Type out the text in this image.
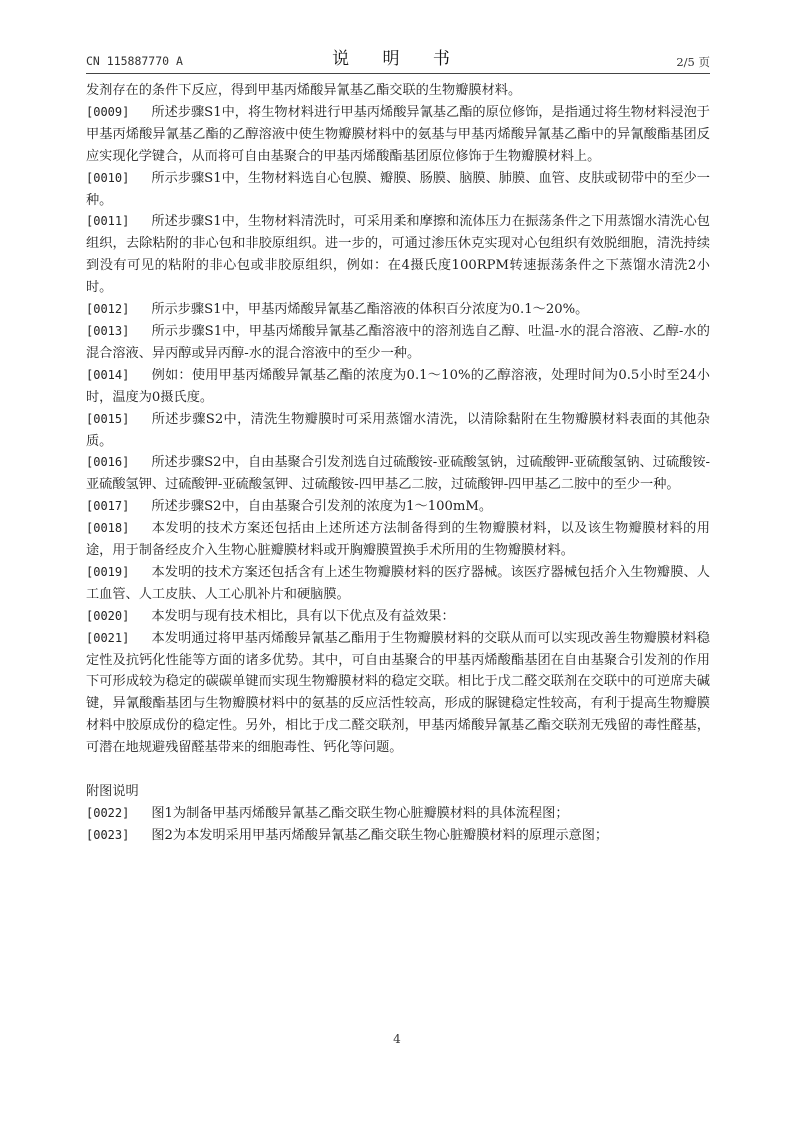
CN 115887770 A	说 明 书	2/5 页

发剂存在的条件下反应，得到甲基丙烯酸异氰基乙酯交联的生物瓣膜材料。

[0009] 所述步骤S1中，将生物材料进行甲基丙烯酸异氰基乙酯的原位修饰，是指通过将生物材料浸泡于甲基丙烯酸异氰基乙酯的乙醇溶液中使生物瓣膜材料中的氨基与甲基丙烯酸异氰基乙酯中的异氰酸酯基团反应实现化学键合，从而将可自由基聚合的甲基丙烯酸酯基团原位修饰于生物瓣膜材料上。

[0010] 所示步骤S1中，生物材料选自心包膜、瓣膜、肠膜、脑膜、肺膜、血管、皮肤或韧带中的至少一种。

[0011] 所述步骤S1中，生物材料清洗时，可采用柔和摩擦和流体压力在振荡条件之下用蒸馏水清洗心包组织，去除粘附的非心包和非胶原组织。进一步的，可通过渗压休克实现对心包组织有效脱细胞，清洗持续到没有可见的粘附的非心包或非胶原组织，例如：在4摄氏度100RPM转速振荡条件之下蒸馏水清洗2小时。

[0012] 所示步骤S1中，甲基丙烯酸异氰基乙酯溶液的体积百分浓度为0.1～20%。

[0013] 所示步骤S1中，甲基丙烯酸异氰基乙酯溶液中的溶剂选自乙醇、吐温-水的混合溶液、乙醇-水的混合溶液、异丙醇或异丙醇-水的混合溶液中的至少一种。

[0014] 例如：使用甲基丙烯酸异氰基乙酯的浓度为0.1～10%的乙醇溶液，处理时间为0.5小时至24小时，温度为0摄氏度。

[0015] 所述步骤S2中，清洗生物瓣膜时可采用蒸馏水清洗，以清除黏附在生物瓣膜材料表面的其他杂质。

[0016] 所述步骤S2中，自由基聚合引发剂选自过硫酸铵-亚硫酸氢钠，过硫酸钾-亚硫酸氢钠、过硫酸铵-亚硫酸氢钾、过硫酸钾-亚硫酸氢钾、过硫酸铵-四甲基乙二胺，过硫酸钾-四甲基乙二胺中的至少一种。

[0017] 所述步骤S2中，自由基聚合引发剂的浓度为1～100mM。

[0018] 本发明的技术方案还包括由上述所述方法制备得到的生物瓣膜材料，以及该生物瓣膜材料的用途，用于制备经皮介入生物心脏瓣膜材料或开胸瓣膜置换手术所用的生物瓣膜材料。

[0019] 本发明的技术方案还包括含有上述生物瓣膜材料的医疗器械。该医疗器械包括介入生物瓣膜、人工血管、人工皮肤、人工心肌补片和硬脑膜。

[0020] 本发明与现有技术相比，具有以下优点及有益效果：

[0021] 本发明通过将甲基丙烯酸异氰基乙酯用于生物瓣膜材料的交联从而可以实现改善生物瓣膜材料稳定性及抗钙化性能等方面的诸多优势。其中，可自由基聚合的甲基丙烯酸酯基团在自由基聚合引发剂的作用下可形成较为稳定的碳碳单键而实现生物瓣膜材料的稳定交联。相比于戊二醛交联剂在交联中的可逆席夫碱键，异氰酸酯基团与生物瓣膜材料中的氨基的反应活性较高，形成的脲键稳定性较高，有利于提高生物瓣膜材料中胶原成份的稳定性。另外，相比于戊二醛交联剂，甲基丙烯酸异氰基乙酯交联剂无残留的毒性醛基，可潜在地规避残留醛基带来的细胞毒性、钙化等问题。

附图说明

[0022] 图1为制备甲基丙烯酸异氰基乙酯交联生物心脏瓣膜材料的具体流程图；

[0023] 图2为本发明采用甲基丙烯酸异氰基乙酯交联生物心脏瓣膜材料的原理示意图；

4
